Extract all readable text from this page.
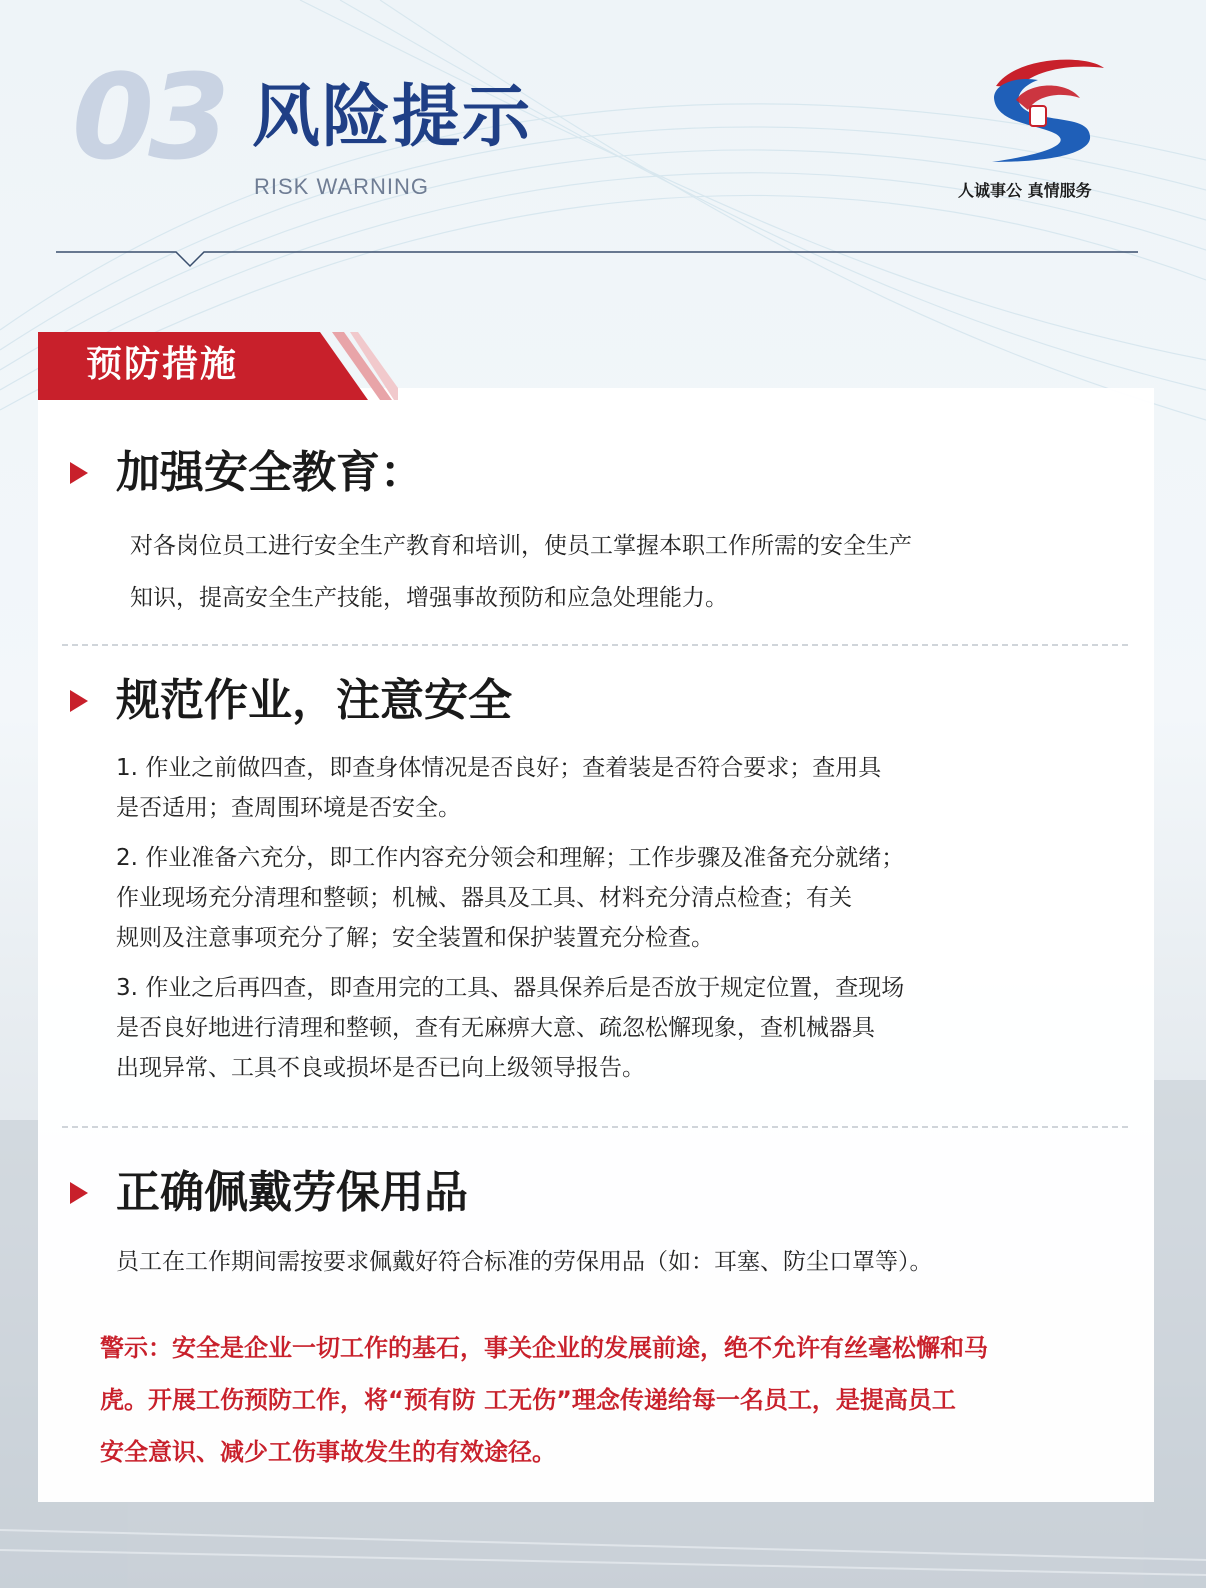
03 风险提示
RISK WARNING	人诚事公 真情服务
预防措施
加强安全教育：
对各岗位员工进行安全生产教育和培训，使员工掌握本职工作所需的安全生产
知识，提高安全生产技能，增强事故预防和应急处理能力。
规范作业，注意安全
1. 作业之前做四查，即查身体情况是否良好；查着装是否符合要求；查用具
是否适用；查周围环境是否安全。
2. 作业准备六充分，即工作内容充分领会和理解；工作步骤及准备充分就绪；
作业现场充分清理和整顿；机械、器具及工具、材料充分清点检查；有关
规则及注意事项充分了解；安全装置和保护装置充分检查。
3. 作业之后再四查，即查用完的工具、器具保养后是否放于规定位置，查现场
是否良好地进行清理和整顿，查有无麻痹大意、疏忽松懈现象，查机械器具
出现异常、工具不良或损坏是否已向上级领导报告。
正确佩戴劳保用品
员工在工作期间需按要求佩戴好符合标准的劳保用品（如：耳塞、防尘口罩等）。
警示：安全是企业一切工作的基石，事关企业的发展前途，绝不允许有丝毫松懈和马
虎。开展工伤预防工作，将“预有防 工无伤”理念传递给每一名员工，是提高员工
安全意识、减少工伤事故发生的有效途径。
